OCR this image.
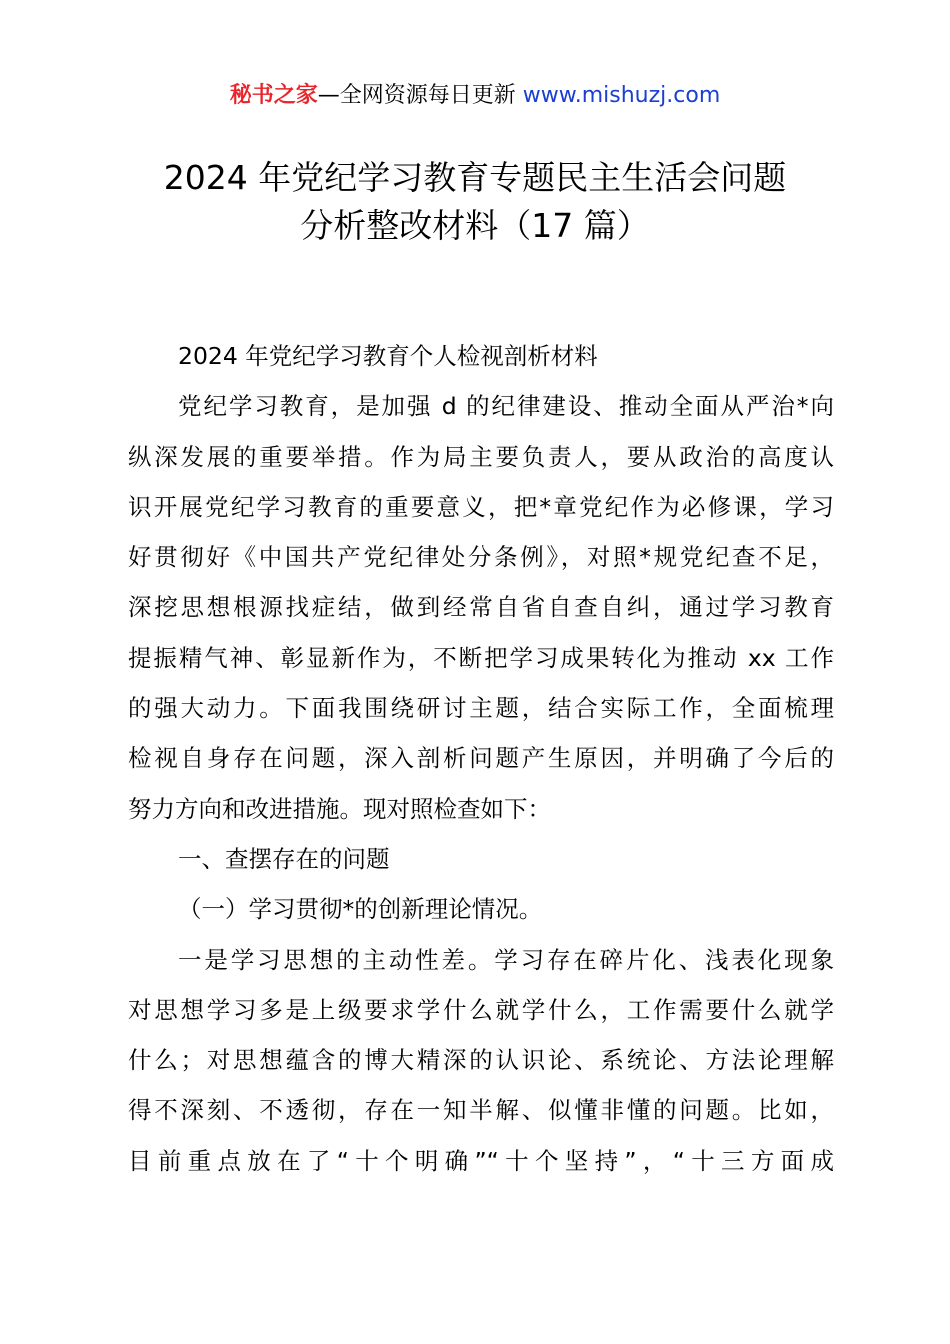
秘书之家—全网资源每日更新 www.mishuzj.com
2024 年党纪学习教育专题民主生活会问题
分析整改材料（17 篇）
2024 年党纪学习教育个人检视剖析材料
党纪学习教育，是加强 d 的纪律建设、推动全面从严治*向
纵深发展的重要举措。作为局主要负责人，要从政治的高度认
识开展党纪学习教育的重要意义，把*章党纪作为必修课，学习
好贯彻好《中国共产党纪律处分条例》，对照*规党纪查不足，
深挖思想根源找症结，做到经常自省自查自纠，通过学习教育
提振精气神、彰显新作为，不断把学习成果转化为推动 xx 工作
的强大动力。下面我围绕研讨主题，结合实际工作，全面梳理
检视自身存在问题，深入剖析问题产生原因，并明确了今后的
努力方向和改进措施。现对照检查如下：
一、查摆存在的问题
（一）学习贯彻*的创新理论情况。
一是学习思想的主动性差。学习存在碎片化、浅表化现象
对思想学习多是上级要求学什么就学什么，工作需要什么就学
什么；对思想蕴含的博大精深的认识论、系统论、方法论理解
得不深刻、不透彻，存在一知半解、似懂非懂的问题。比如，
目前重点放在了“十个明确”“十个坚持”，“十三方面成
